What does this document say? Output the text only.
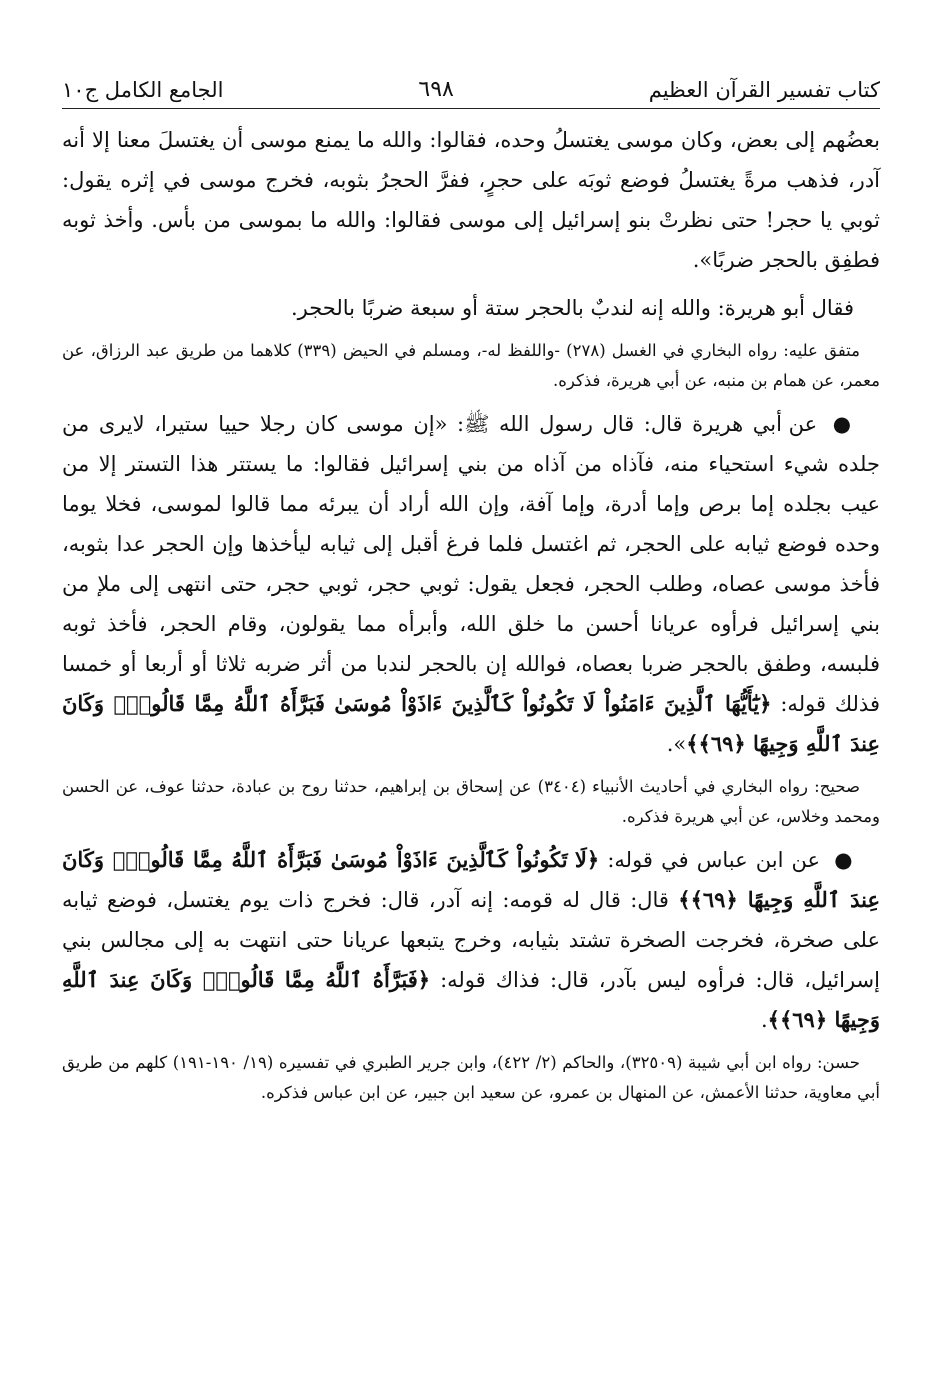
كتاب تفسير القرآن العظيم
٦٩٨
الجامع الكامل ج١٠

بعضُهم إلى بعض، وكان موسى يغتسلُ وحده، فقالوا: والله ما يمنع موسى أن يغتسلَ معنا إلا أنه آدر، فذهب مرةً يغتسلُ فوضع ثوبَه على حجرٍ، ففرَّ الحجرُ بثوبه، فخرج موسى في إثره يقول: ثوبي يا حجر! حتى نظرتْ بنو إسرائيل إلى موسى فقالوا: والله ما بموسى من بأس. وأخذ ثوبه فطفِق بالحجر ضربًا».

فقال أبو هريرة: والله إنه لندبٌ بالحجر ستة أو سبعة ضربًا بالحجر.

متفق عليه: رواه البخاري في الغسل (٢٧٨) -واللفظ له-، ومسلم في الحيض (٣٣٩) كلاهما من طريق عبد الرزاق، عن معمر، عن همام بن منبه، عن أبي هريرة، فذكره.

● عن أبي هريرة قال: قال رسول الله ﷺ: «إن موسى كان رجلا حييا ستيرا، لايرى من جلده شيء استحياء منه، فآذاه من آذاه من بني إسرائيل فقالوا: ما يستتر هذا التستر إلا من عيب بجلده إما برص وإما أدرة، وإما آفة، وإن الله أراد أن يبرئه مما قالوا لموسى، فخلا يوما وحده فوضع ثيابه على الحجر، ثم اغتسل فلما فرغ أقبل إلى ثيابه ليأخذها وإن الحجر عدا بثوبه، فأخذ موسى عصاه، وطلب الحجر، فجعل يقول: ثوبي حجر، ثوبي حجر، حتى انتهى إلى ملإ من بني إسرائيل فرأوه عريانا أحسن ما خلق الله، وأبرأه مما يقولون، وقام الحجر، فأخذ ثوبه فلبسه، وطفق بالحجر ضربا بعصاه، فوالله إن بالحجر لندبا من أثر ضربه ثلاثا أو أربعا أو خمسا فذلك قوله: ﴿يَٰٓأَيُّهَا ٱلَّذِينَ ءَامَنُواْ لَا تَكُونُواْ كَٱلَّذِينَ ءَاذَوْاْ مُوسَىٰ فَبَرَّأَهُ ٱللَّهُ مِمَّا قَالُواْۚ وَكَانَ عِندَ ٱللَّهِ وَجِيهًا ﴿٦٩﴾﴾».

صحيح: رواه البخاري في أحاديث الأنبياء (٣٤٠٤) عن إسحاق بن إبراهيم، حدثنا روح بن عبادة، حدثنا عوف، عن الحسن ومحمد وخلاس، عن أبي هريرة فذكره.

● عن ابن عباس في قوله: ﴿لَا تَكُونُواْ كَٱلَّذِينَ ءَاذَوْاْ مُوسَىٰ فَبَرَّأَهُ ٱللَّهُ مِمَّا قَالُواْۚ وَكَانَ عِندَ ٱللَّهِ وَجِيهًا ﴿٦٩﴾﴾ قال: قال له قومه: إنه آدر، قال: فخرج ذات يوم يغتسل، فوضع ثيابه على صخرة، فخرجت الصخرة تشتد بثيابه، وخرج يتبعها عريانا حتى انتهت به إلى مجالس بني إسرائيل، قال: فرأوه ليس بآدر، قال: فذاك قوله: ﴿فَبَرَّأَهُ ٱللَّهُ مِمَّا قَالُواْۚ وَكَانَ عِندَ ٱللَّهِ وَجِيهًا ﴿٦٩﴾﴾.

حسن: رواه ابن أبي شيبة (٣٢٥٠٩)، والحاكم (٢/ ٤٢٢)، وابن جرير الطبري في تفسيره (١٩/ ١٩٠-١٩١) كلهم من طريق أبي معاوية، حدثنا الأعمش، عن المنهال بن عمرو، عن سعيد ابن جبير، عن ابن عباس فذكره.
